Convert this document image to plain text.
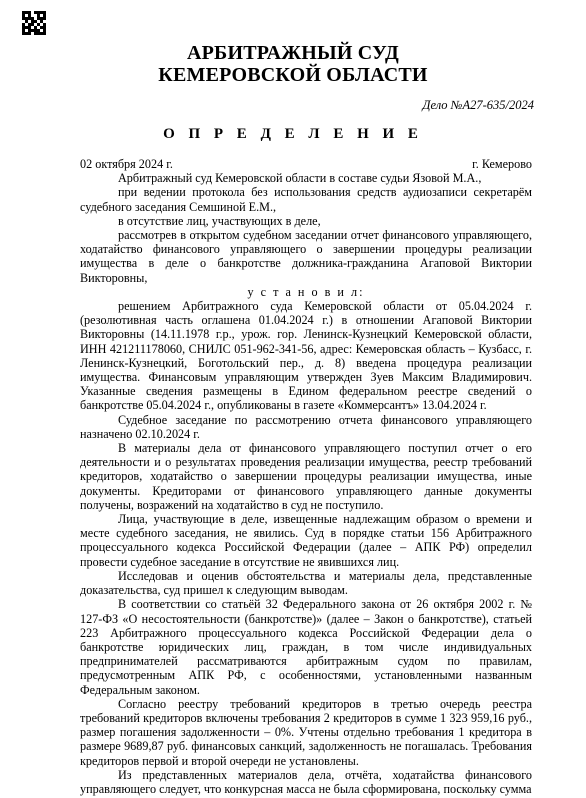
АРБИТРАЖНЫЙ СУД
КЕМЕРОВСКОЙ ОБЛАСТИ
Дело №А27-635/2024
О П Р Е Д Е Л Е Н И Е
02 октября 2024 г.	г. Кемерово

Арбитражный суд Кемеровской области в составе судьи Язовой М.А.,

при ведении протокола без использования средств аудиозаписи секретарём судебного заседания Семшиной Е.М.,

в отсутствие лиц, участвующих в деле,

рассмотрев в открытом судебном заседании отчет финансового управляющего, ходатайство финансового управляющего о завершении процедуры реализации имущества в деле о банкротстве должника-гражданина Агаповой Виктории Викторовны,

у с т а н о в и л:

решением Арбитражного суда Кемеровской области от 05.04.2024 г. (резолютивная часть оглашена 01.04.2024 г.) в отношении Агаповой Виктории Викторовны (14.11.1978 г.р., урож. гор. Ленинск-Кузнецкий Кемеровской области, ИНН 421211178060, СНИЛС 051-962-341-56, адрес: Кемеровская область – Кузбасс, г. Ленинск-Кузнецкий, Боготольский пер., д. 8) введена процедура реализации имущества. Финансовым управляющим утвержден Зуев Максим Владимирович. Указанные сведения размещены в Едином федеральном реестре сведений о банкротстве 05.04.2024 г., опубликованы в газете «Коммерсантъ» 13.04.2024 г.

Судебное заседание по рассмотрению отчета финансового управляющего назначено 02.10.2024 г.

В материалы дела от финансового управляющего поступил отчет о его деятельности и о результатах проведения реализации имущества, реестр требований кредиторов, ходатайство о завершении процедуры реализации имущества, иные документы. Кредиторами от финансового управляющего данные документы получены, возражений на ходатайство в суд не поступило.

Лица, участвующие в деле, извещенные надлежащим образом о времени и месте судебного заседания, не явились. Суд в порядке статьи 156 Арбитражного процессуального кодекса Российской Федерации (далее – АПК РФ) определил провести судебное заседание в отсутствие не явившихся лиц.

Исследовав и оценив обстоятельства и материалы дела, представленные доказательства, суд пришел к следующим выводам.

В соответствии со статьёй 32 Федерального закона от 26 октября 2002 г. № 127-ФЗ «О несостоятельности (банкротстве)» (далее – Закон о банкротстве), статьей 223 Арбитражного процессуального кодекса Российской Федерации дела о банкротстве юридических лиц, граждан, в том числе индивидуальных предпринимателей рассматриваются арбитражным судом по правилам, предусмотренным АПК РФ, с особенностями, установленными названным Федеральным законом.

Согласно реестру требований кредиторов в третью очередь реестра требований кредиторов включены требования 2 кредиторов в сумме 1 323 959,16 руб., размер погашения задолженности – 0%. Учтены отдельно требования 1 кредитора в размере 9689,87 руб. финансовых санкций, задолженность не погашалась. Требования кредиторов первой и второй очереди не установлены.

Из представленных материалов дела, отчёта, ходатайства финансового управляющего следует, что конкурсная масса не была сформирована, поскольку сумма
